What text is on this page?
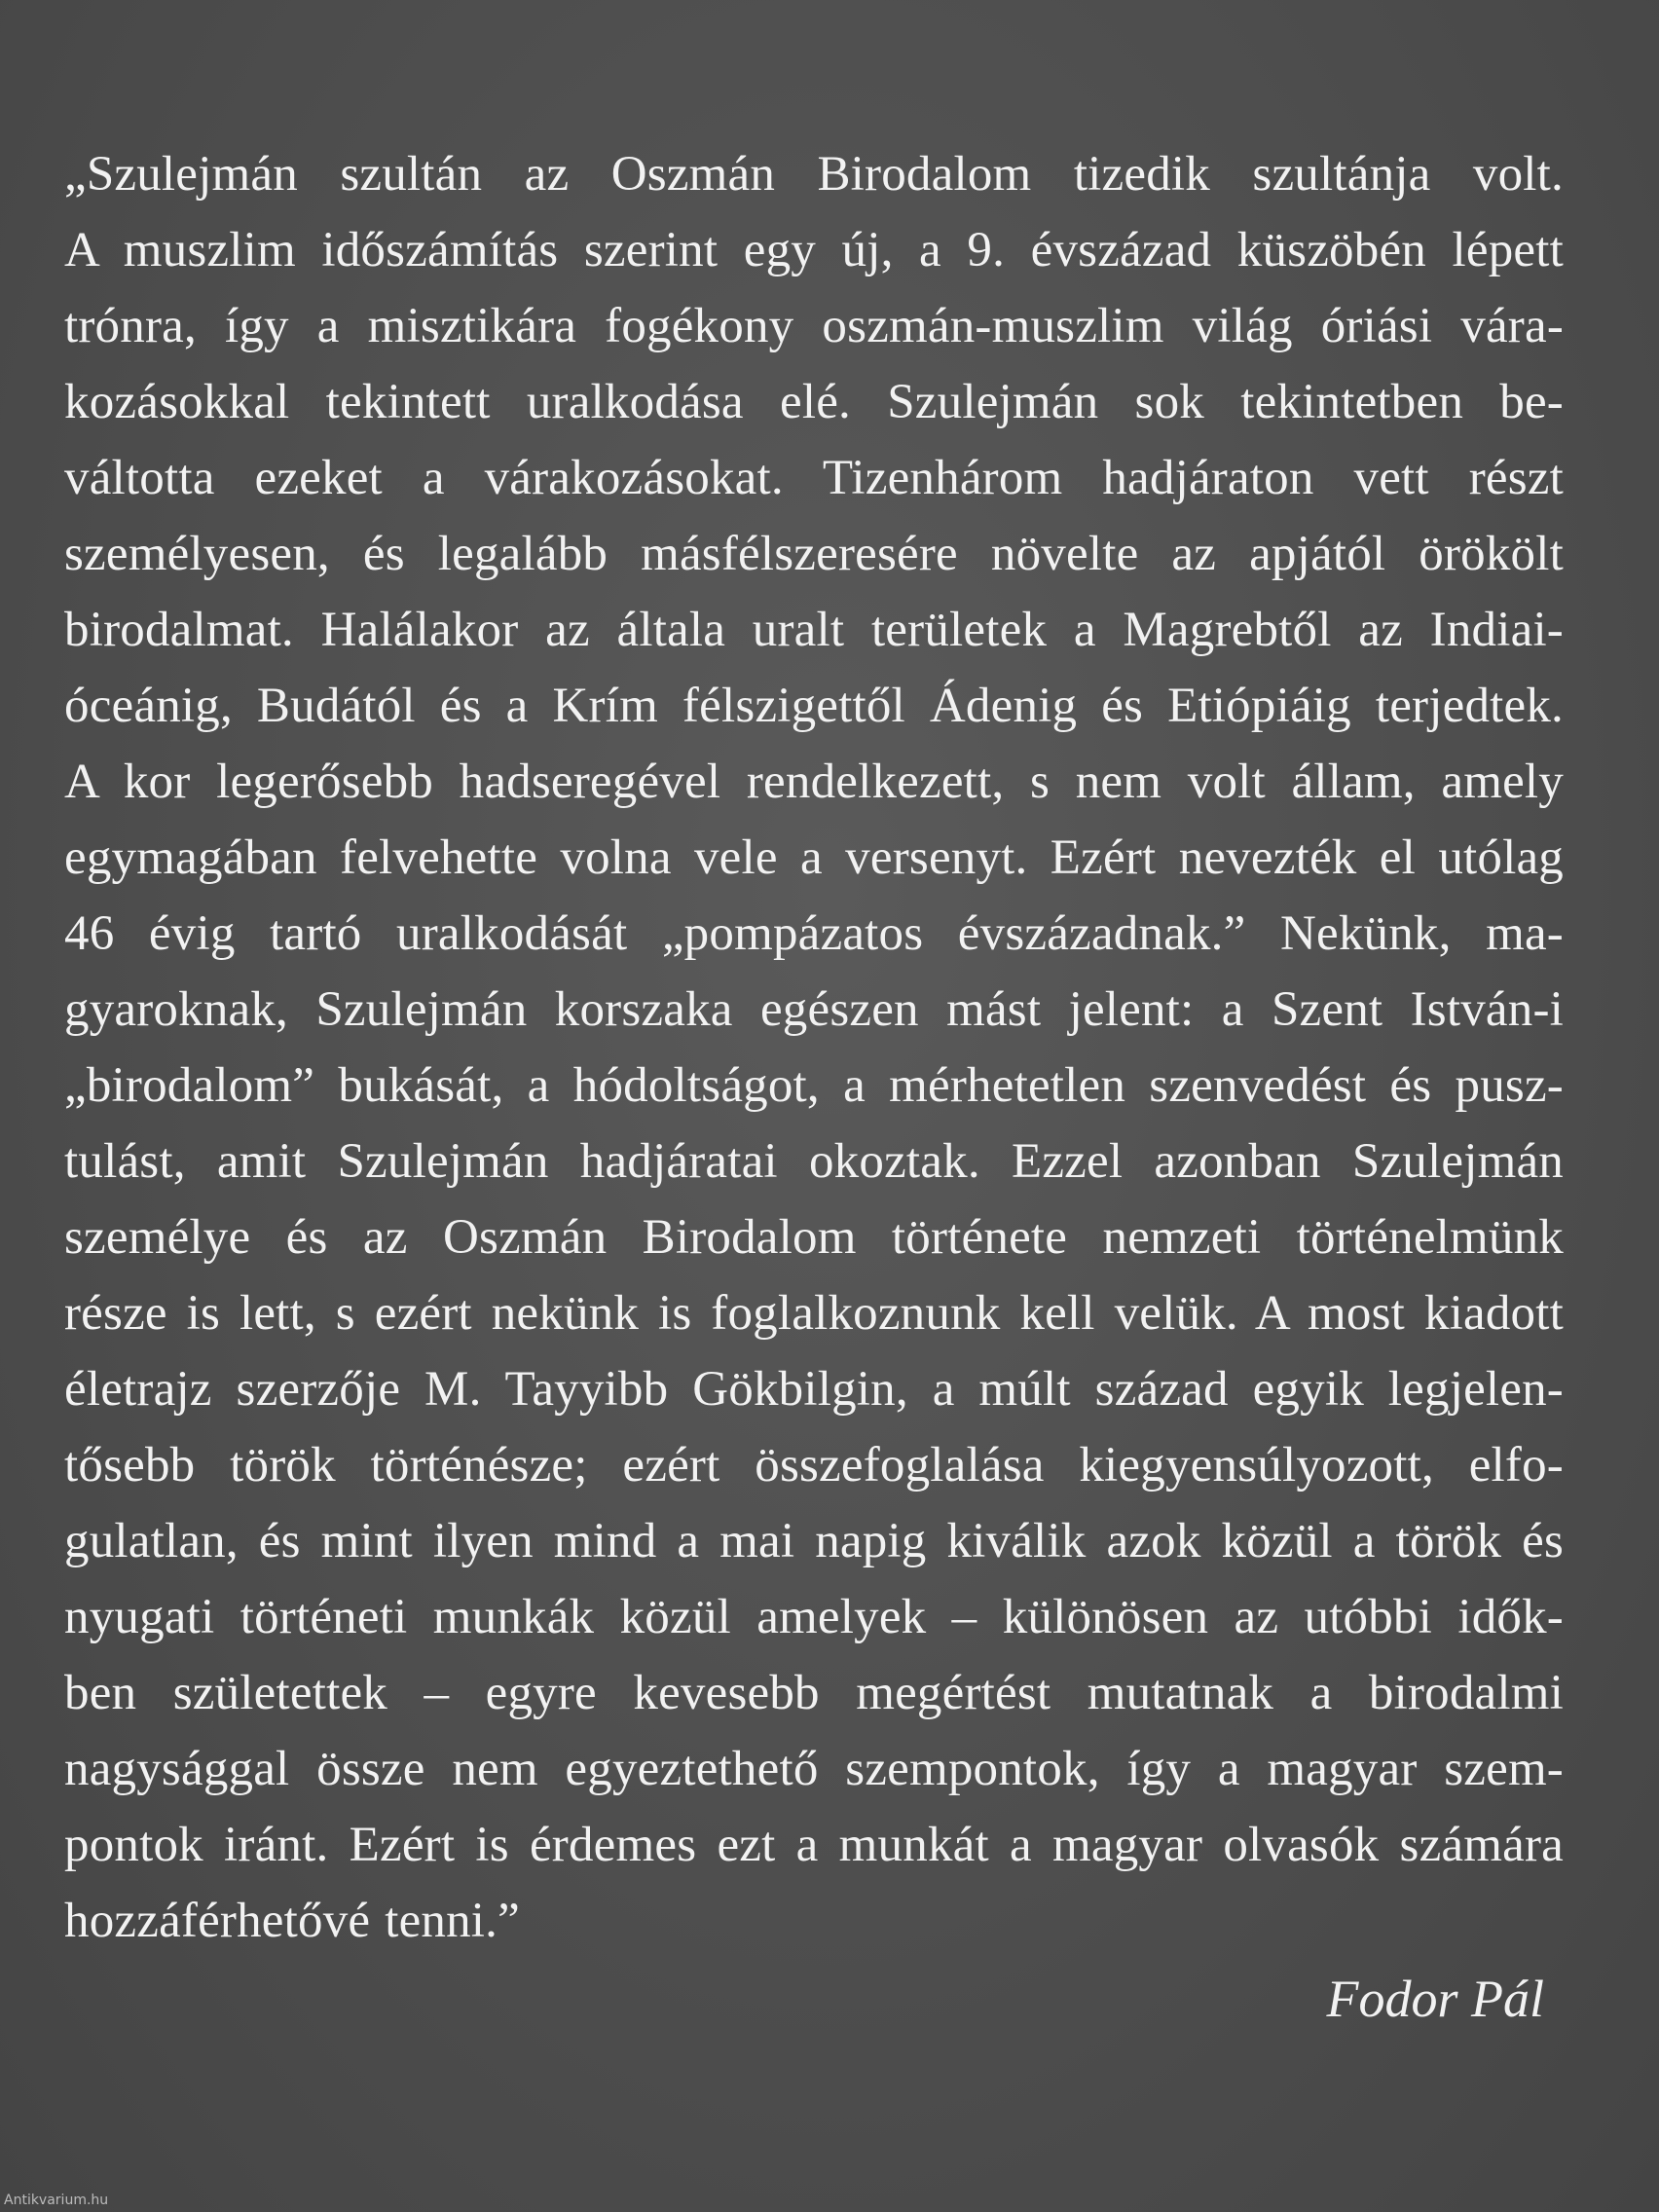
„Szulejmán szultán az Oszmán Birodalom tizedik szultánja volt.
A muszlim időszámítás szerint egy új, a 9. évszázad küszöbén lépett
trónra, így a misztikára fogékony oszmán-muszlim világ óriási vára-
kozásokkal tekintett uralkodása elé. Szulejmán sok tekintetben be-
váltotta ezeket a várakozásokat. Tizenhárom hadjáraton vett részt
személyesen, és legalább másfélszeresére növelte az apjától örökölt
birodalmat. Halálakor az általa uralt területek a Magrebtől az Indiai-
óceánig, Budától és a Krím félszigettől Ádenig és Etiópiáig terjedtek.
A kor legerősebb hadseregével rendelkezett, s nem volt állam, amely
egymagában felvehette volna vele a versenyt. Ezért nevezték el utólag
46 évig tartó uralkodását „pompázatos évszázadnak.” Nekünk, ma-
gyaroknak, Szulejmán korszaka egészen mást jelent: a Szent István-i
„birodalom” bukását, a hódoltságot, a mérhetetlen szenvedést és pusz-
tulást, amit Szulejmán hadjáratai okoztak. Ezzel azonban Szulejmán
személye és az Oszmán Birodalom története nemzeti történelmünk
része is lett, s ezért nekünk is foglalkoznunk kell velük. A most kiadott
életrajz szerzője M. Tayyibb Gökbilgin, a múlt század egyik legjelen-
tősebb török történésze; ezért összefoglalása kiegyensúlyozott, elfo-
gulatlan, és mint ilyen mind a mai napig kiválik azok közül a török és
nyugati történeti munkák közül amelyek – különösen az utóbbi idők-
ben születettek – egyre kevesebb megértést mutatnak a birodalmi
nagysággal össze nem egyeztethető szempontok, így a magyar szem-
pontok iránt. Ezért is érdemes ezt a munkát a magyar olvasók számára
hozzáférhetővé tenni.”

Fodor Pál

Antikvarium.hu
